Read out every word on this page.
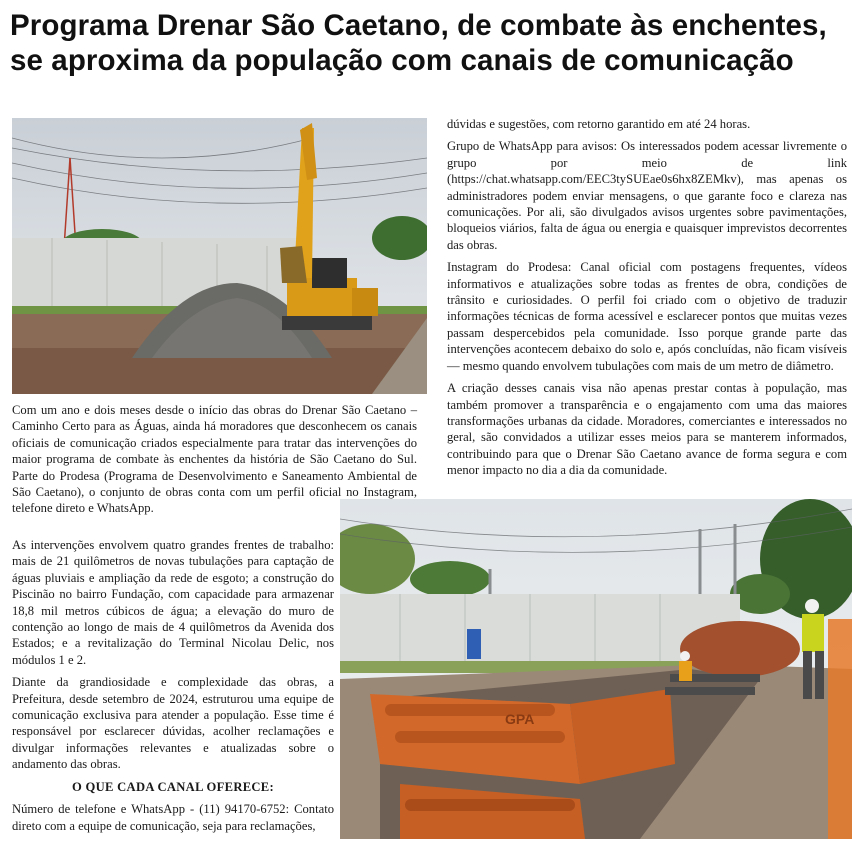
Programa Drenar São Caetano, de combate às enchentes, se aproxima da população com canais de comunicação

Com um ano e dois meses desde o início das obras do Drenar São Caetano – Caminho Certo para as Águas, ainda há moradores que desconhecem os canais oficiais de comunicação criados especialmente para tratar das intervenções do maior programa de combate às enchentes da história de São Caetano do Sul. Parte do Prodesa (Programa de Desenvolvimento e Saneamento Ambiental de São Caetano), o conjunto de obras conta com um perfil oficial no Instagram, telefone direto e WhatsApp.

As intervenções envolvem quatro grandes frentes de trabalho: mais de 21 quilômetros de novas tubulações para captação de águas pluviais e ampliação da rede de esgoto; a construção do Piscinão no bairro Fundação, com capacidade para armazenar 18,8 mil metros cúbicos de água; a elevação do muro de contenção ao longo de mais de 4 quilômetros da Avenida dos Estados; e a revitalização do Terminal Nicolau Delic, nos módulos 1 e 2.

Diante da grandiosidade e complexidade das obras, a Prefeitura, desde setembro de 2024, estruturou uma equipe de comunicação exclusiva para atender a população. Esse time é responsável por esclarecer dúvidas, acolher reclamações e divulgar informações relevantes e atualizadas sobre o andamento das obras.

O QUE CADA CANAL OFERECE:

Número de telefone e WhatsApp - (11) 94170-6752: Contato direto com a equipe de comunicação, seja para reclamações,

dúvidas e sugestões, com retorno garantido em até 24 horas.

Grupo de WhatsApp para avisos: Os interessados podem acessar livremente o grupo por meio de link (https://chat.whatsapp.com/EEC3tySUEae0s6hx8ZEMkv), mas apenas os administradores podem enviar mensagens, o que garante foco e clareza nas comunicações. Por ali, são divulgados avisos urgentes sobre pavimentações, bloqueios viários, falta de água ou energia e quaisquer imprevistos decorrentes das obras.

Instagram do Prodesa: Canal oficial com postagens frequentes, vídeos informativos e atualizações sobre todas as frentes de obra, condições de trânsito e curiosidades. O perfil foi criado com o objetivo de traduzir informações técnicas de forma acessível e esclarecer pontos que muitas vezes passam despercebidos pela comunidade. Isso porque grande parte das intervenções acontecem debaixo do solo e, após concluídas, não ficam visíveis — mesmo quando envolvem tubulações com mais de um metro de diâmetro.

A criação desses canais visa não apenas prestar contas à população, mas também promover a transparência e o engajamento com uma das maiores transformações urbanas da cidade. Moradores, comerciantes e interessados no geral, são convidados a utilizar esses meios para se manterem informados, contribuindo para que o Drenar São Caetano avance de forma segura e com menor impacto no dia a dia da comunidade.

GPA
